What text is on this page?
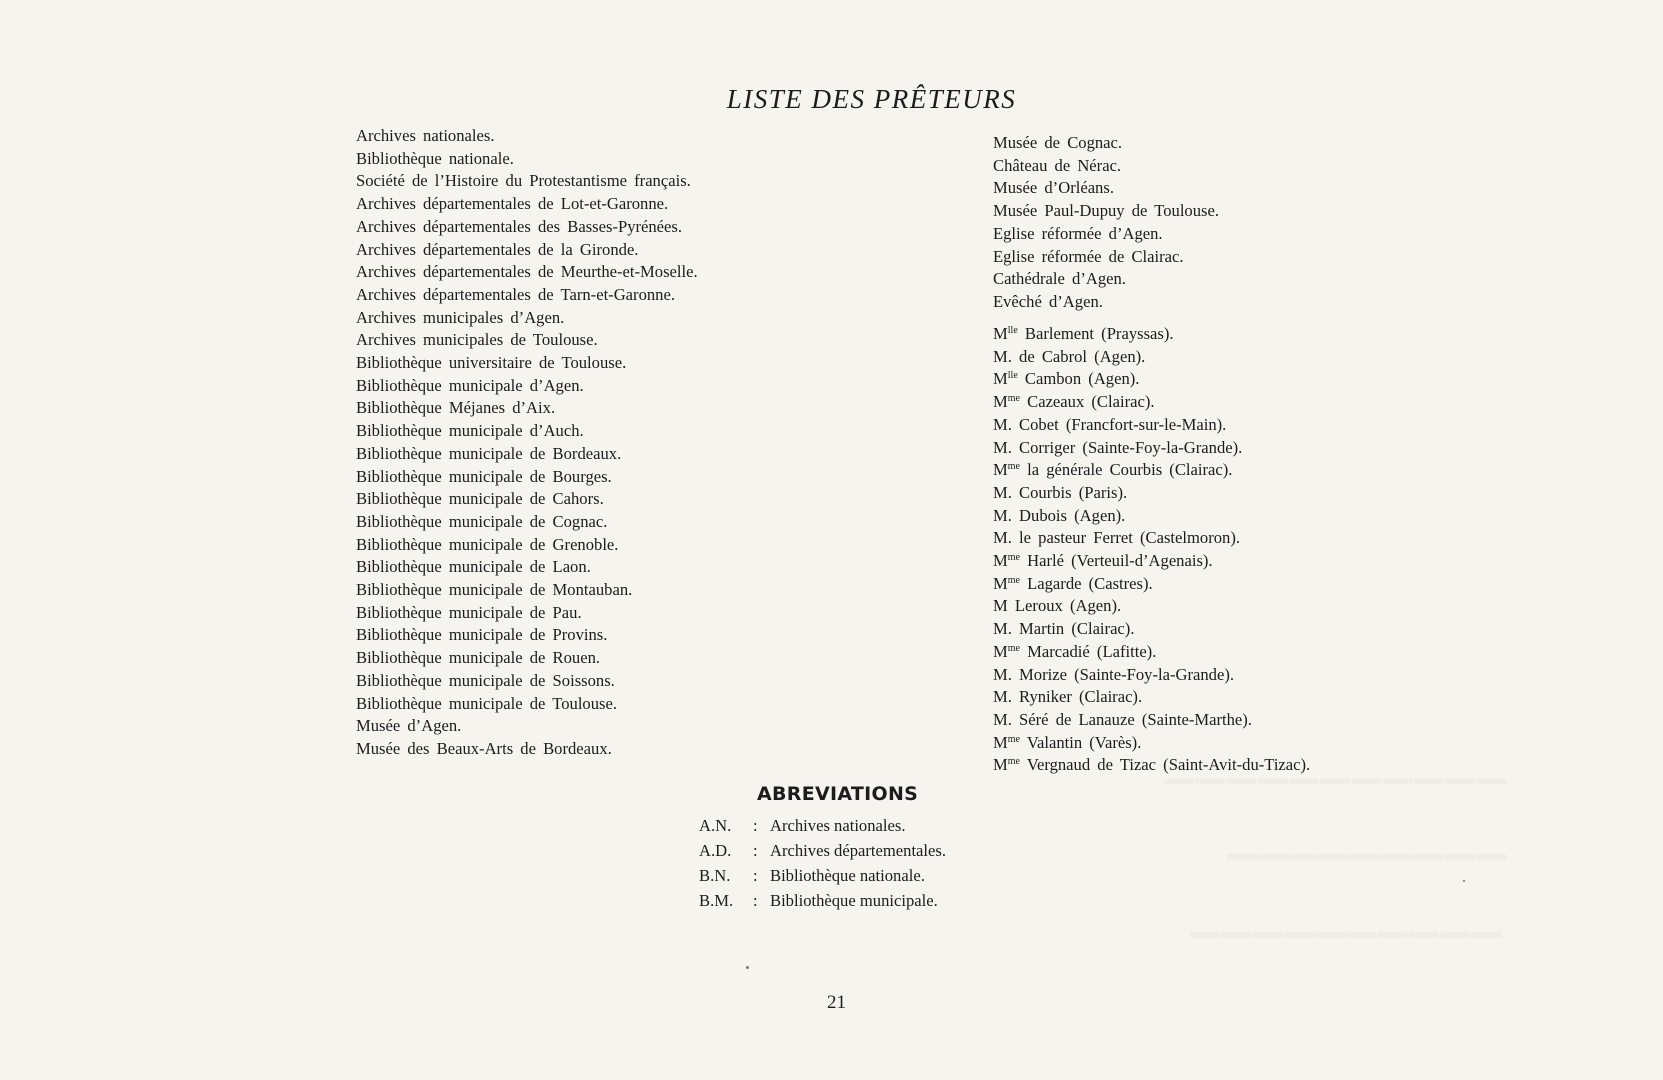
LISTE DES PRÊTEURS
Archives nationales.
Bibliothèque nationale.
Société de l’Histoire du Protestantisme français.
Archives départementales de Lot-et-Garonne.
Archives départementales des Basses-Pyrénées.
Archives départementales de la Gironde.
Archives départementales de Meurthe-et-Moselle.
Archives départementales de Tarn-et-Garonne.
Archives municipales d’Agen.
Archives municipales de Toulouse.
Bibliothèque universitaire de Toulouse.
Bibliothèque municipale d’Agen.
Bibliothèque Méjanes d’Aix.
Bibliothèque municipale d’Auch.
Bibliothèque municipale de Bordeaux.
Bibliothèque municipale de Bourges.
Bibliothèque municipale de Cahors.
Bibliothèque municipale de Cognac.
Bibliothèque municipale de Grenoble.
Bibliothèque municipale de Laon.
Bibliothèque municipale de Montauban.
Bibliothèque municipale de Pau.
Bibliothèque municipale de Provins.
Bibliothèque municipale de Rouen.
Bibliothèque municipale de Soissons.
Bibliothèque municipale de Toulouse.
Musée d’Agen.
Musée des Beaux-Arts de Bordeaux.
Musée de Cognac.
Château de Nérac.
Musée d’Orléans.
Musée Paul-Dupuy de Toulouse.
Eglise réformée d’Agen.
Eglise réformée de Clairac.
Cathédrale d’Agen.
Evêché d’Agen.
$M^{lle}$ Barlement (Prayssas).
M. de Cabrol (Agen).
$M^{lle}$ Cambon (Agen).
$M^{me}$ Cazeaux (Clairac).
M. Cobet (Francfort-sur-le-Main).
M. Corriger (Sainte-Foy-la-Grande).
$M^{me}$ la générale Courbis (Clairac).
M. Courbis (Paris).
M. Dubois (Agen).
M. le pasteur Ferret (Castelmoron).
$M^{me}$ Harlé (Verteuil-d’Agenais).
$M^{me}$ Lagarde (Castres).
M Leroux (Agen).
M. Martin (Clairac).
$M^{me}$ Marcadié (Lafitte).
M. Morize (Sainte-Foy-la-Grande).
M. Ryniker (Clairac).
M. Séré de Lanauze (Sainte-Marthe).
$M^{me}$ Valantin (Varès).
$M^{me}$ Vergnaud de Tizac (Saint-Avit-du-Tizac).
ABREVIATIONS
A.N.	: Archives nationales.
A.D.	: Archives départementales.
B.N.	: Bibliothèque nationale.
B.M.	: Bibliothèque municipale.

21
